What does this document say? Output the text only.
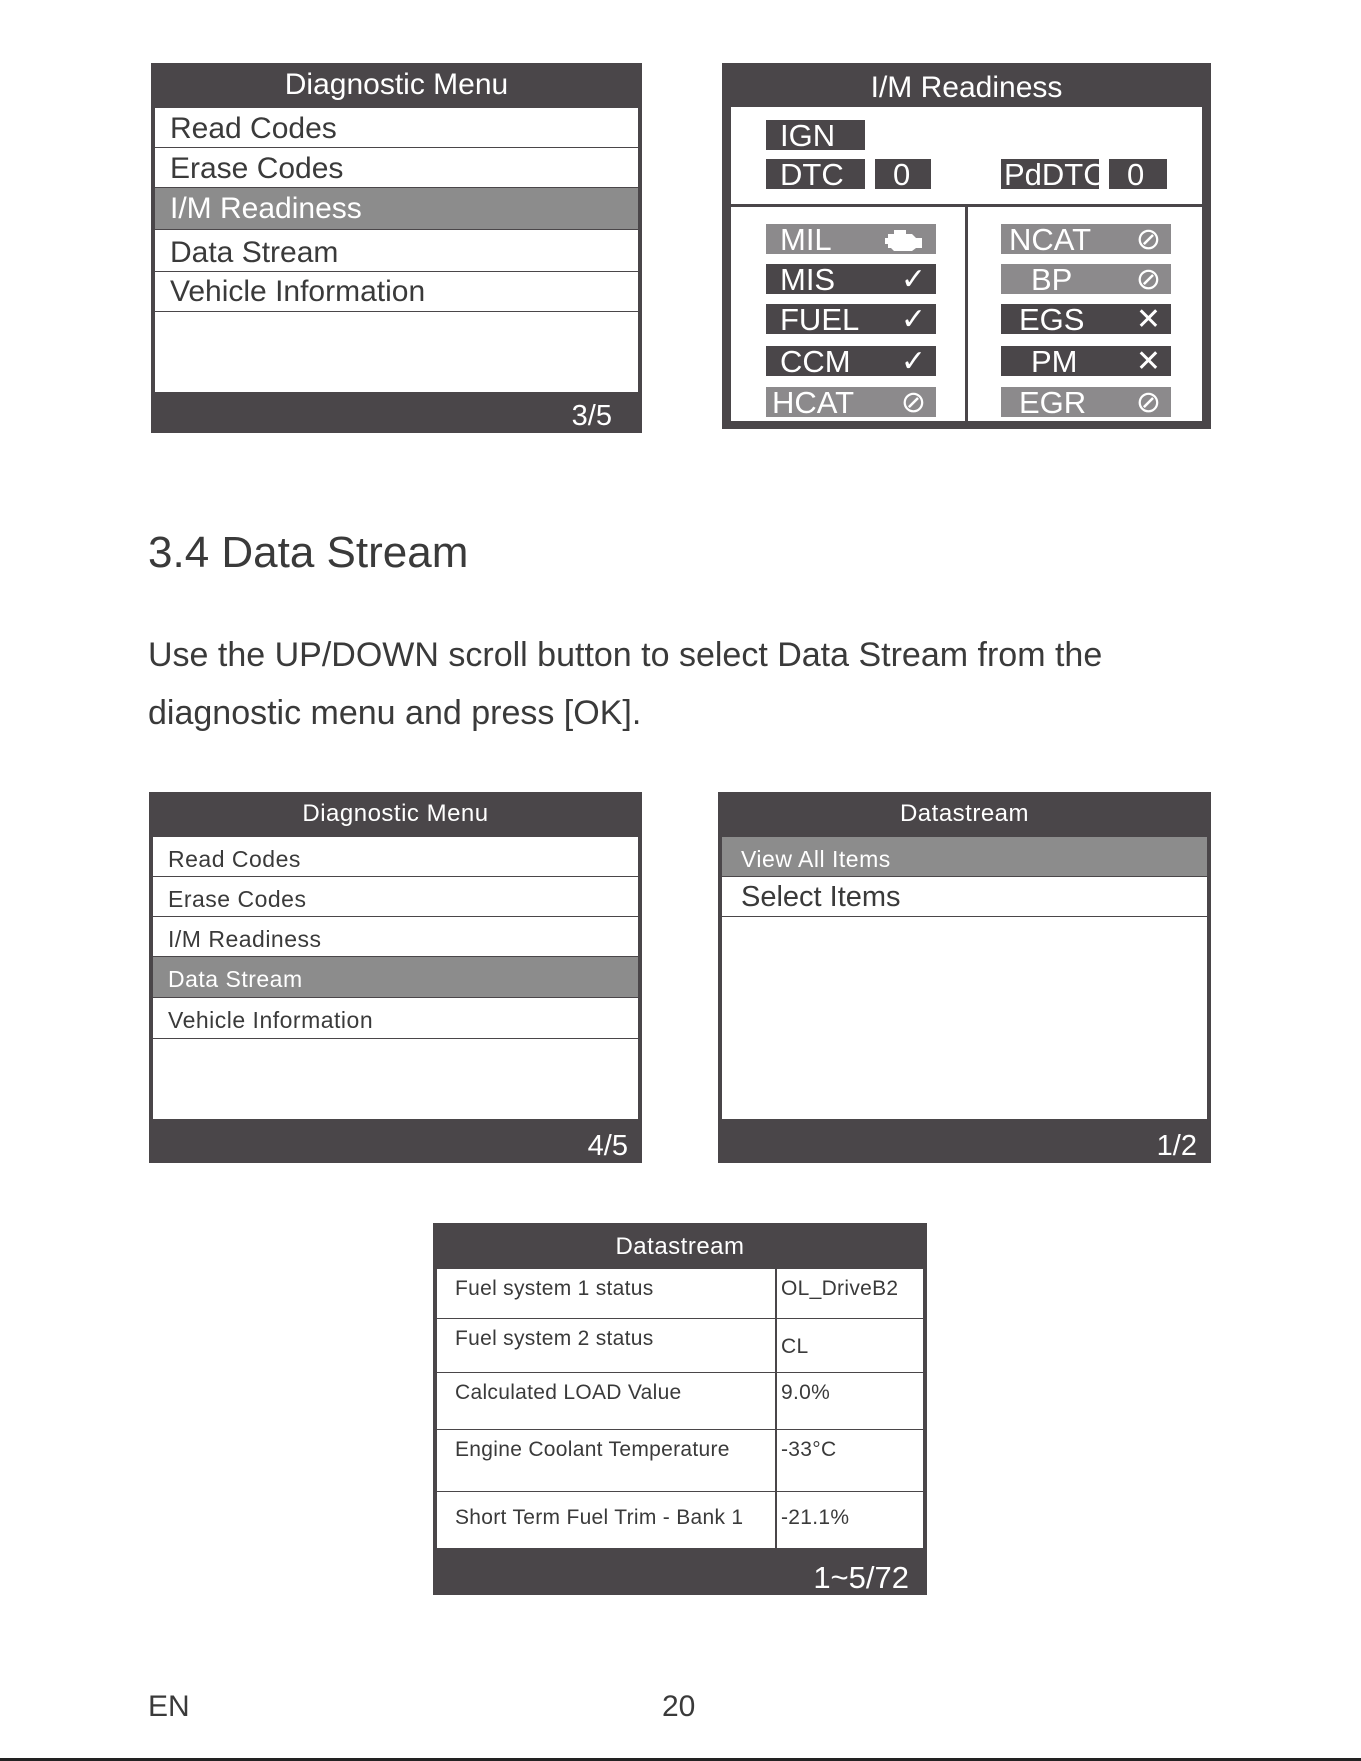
Diagnostic Menu
Read Codes
Erase Codes
I/M Readiness
Data Stream
Vehicle Information
3/5
I/M Readiness
IGN
DTC	0	PdDTC 0
MIL
MIS ✓
FUEL ✓
CCM ✓
HCAT ⊘
NCAT ⊘
BP ⊘
EGS ✕
PM ✕
EGR ⊘
3.4 Data Stream
Use the UP/DOWN scroll button to select Data Stream from the
diagnostic menu and press [OK].
Diagnostic Menu
Read Codes
Erase Codes
I/M Readiness
Data Stream
Vehicle Information
4/5
Datastream
View All Items
Select Items
1/2
Datastream
Fuel system 1 status	OL_DriveB2
Fuel system 2 status	CL
Calculated LOAD Value	9.0%
Engine Coolant Temperature -33°C
Short Term Fuel Trim - Bank 1 -21.1%
1~5/72
EN	20
